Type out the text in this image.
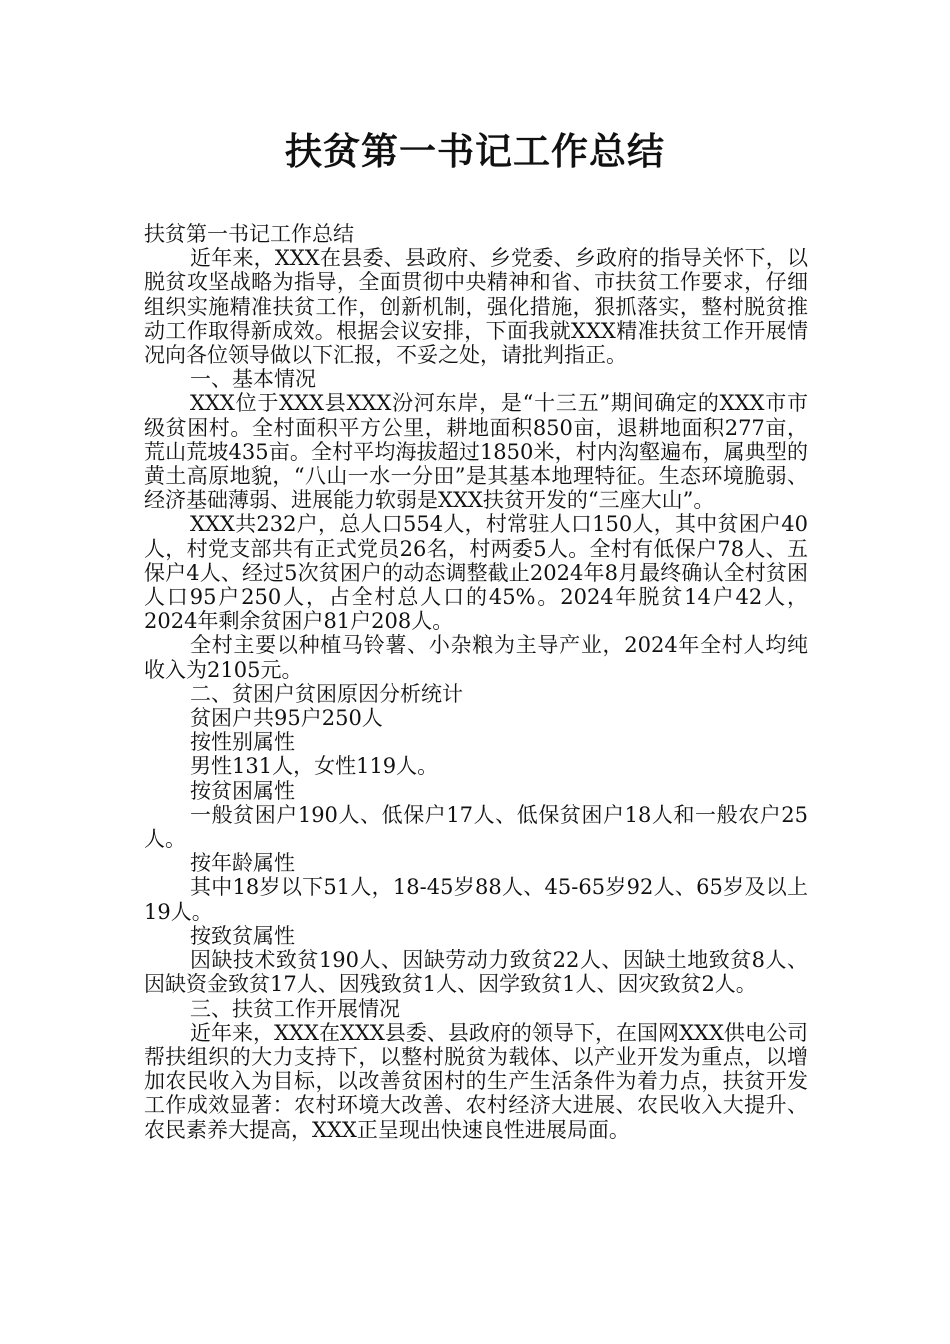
扶贫第一书记工作总结

扶贫第一书记工作总结

近年来，XXX在县委、县政府、乡党委、乡政府的指导关怀下，以脱贫攻坚战略为指导，全面贯彻中央精神和省、市扶贫工作要求，仔细组织实施精准扶贫工作，创新机制，强化措施，狠抓落实，整村脱贫推动工作取得新成效。根据会议安排，下面我就XXX精准扶贫工作开展情况向各位领导做以下汇报，不妥之处，请批判指正。

一、基本情况

XXX位于XXX县XXX汾河东岸，是“十三五”期间确定的XXX市市级贫困村。全村面积平方公里，耕地面积850亩，退耕地面积277亩，荒山荒坡435亩。全村平均海拔超过1850米，村内沟壑遍布，属典型的黄土高原地貌，“八山一水一分田”是其基本地理特征。生态环境脆弱、经济基础薄弱、进展能力软弱是XXX扶贫开发的“三座大山”。

XXX共232户，总人口554人，村常驻人口150人，其中贫困户40人，村党支部共有正式党员26名，村两委5人。全村有低保户78人、五保户4人、经过5次贫困户的动态调整截止2024年8月最终确认全村贫困人口95户250人，占全村总人口的45%。2024年脱贫14户42人，2024年剩余贫困户81户208人。

全村主要以种植马铃薯、小杂粮为主导产业，2024年全村人均纯收入为2105元。

二、贫困户贫困原因分析统计

贫困户共95户250人

按性别属性

男性131人，女性119人。

按贫困属性

一般贫困户190人、低保户17人、低保贫困户18人和一般农户25人。

按年龄属性

其中18岁以下51人，18-45岁88人、45-65岁92人、65岁及以上19人。

按致贫属性

因缺技术致贫190人、因缺劳动力致贫22人、因缺土地致贫8人、因缺资金致贫17人、因残致贫1人、因学致贫1人、因灾致贫2人。

三、扶贫工作开展情况

近年来，XXX在XXX县委、县政府的领导下，在国网XXX供电公司帮扶组织的大力支持下，以整村脱贫为载体、以产业开发为重点，以增加农民收入为目标，以改善贫困村的生产生活条件为着力点，扶贫开发工作成效显著：农村环境大改善、农村经济大进展、农民收入大提升、农民素养大提高，XXX正呈现出快速良性进展局面。
